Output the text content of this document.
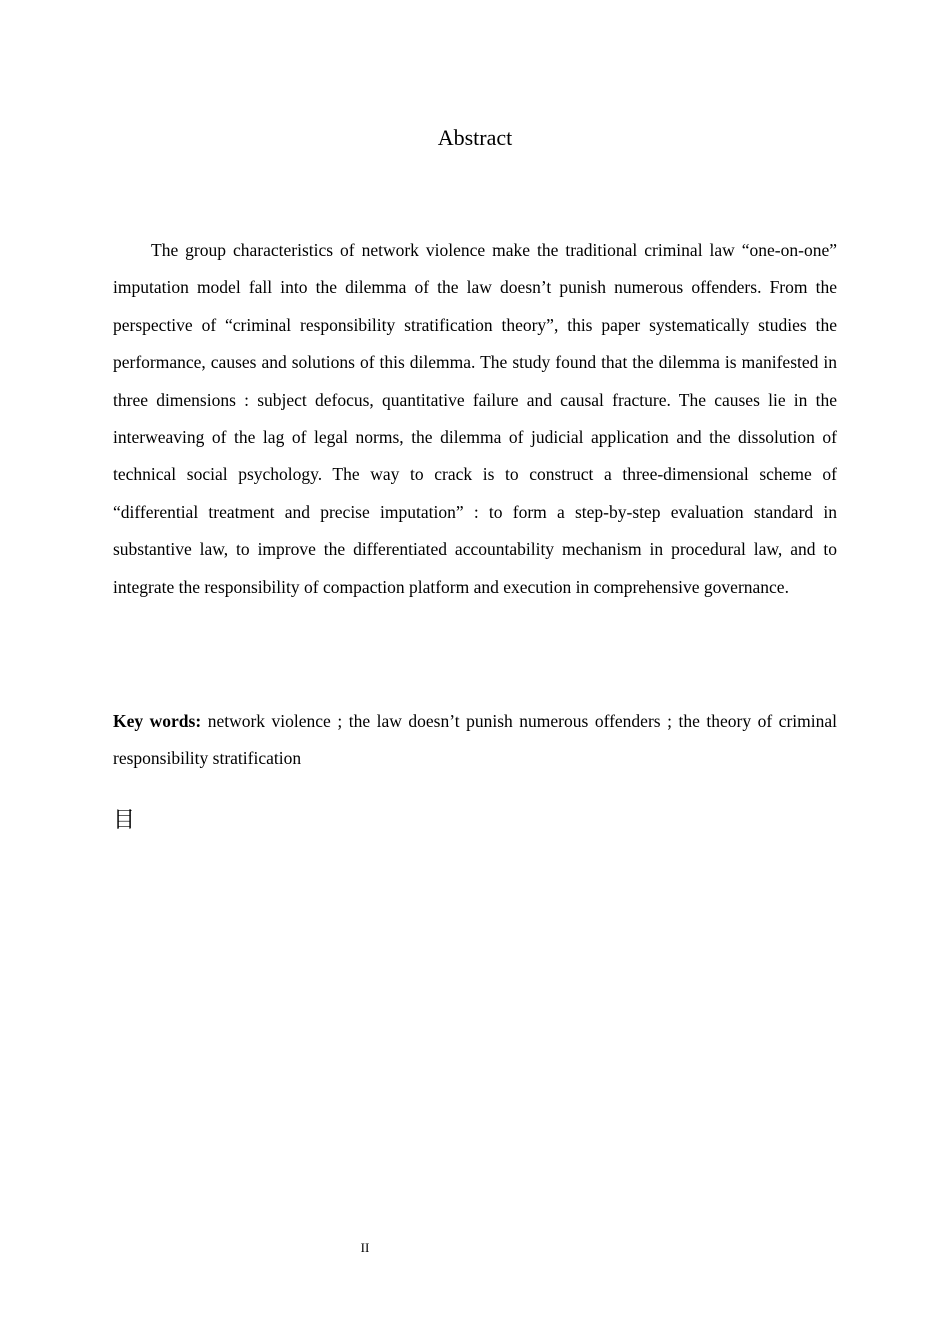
Abstract

The group characteristics of network violence make the traditional criminal law “one-on-one” imputation model fall into the dilemma of the law doesn’t punish numerous offenders. From the perspective of “criminal responsibility stratification theory”, this paper systematically studies the performance, causes and solutions of this dilemma. The study found that the dilemma is manifested in three dimensions : subject defocus, quantitative failure and causal fracture. The causes lie in the interweaving of the lag of legal norms, the dilemma of judicial application and the dissolution of technical social psychology. The way to crack is to construct a three-dimensional scheme of “differential treatment and precise imputation” : to form a step-by-step evaluation standard in substantive law, to improve the differentiated accountability mechanism in procedural law, and to integrate the responsibility of compaction platform and execution in comprehensive governance.

Key words: network violence ; the law doesn’t punish numerous offenders ; the theory of criminal responsibility stratification

目
II
